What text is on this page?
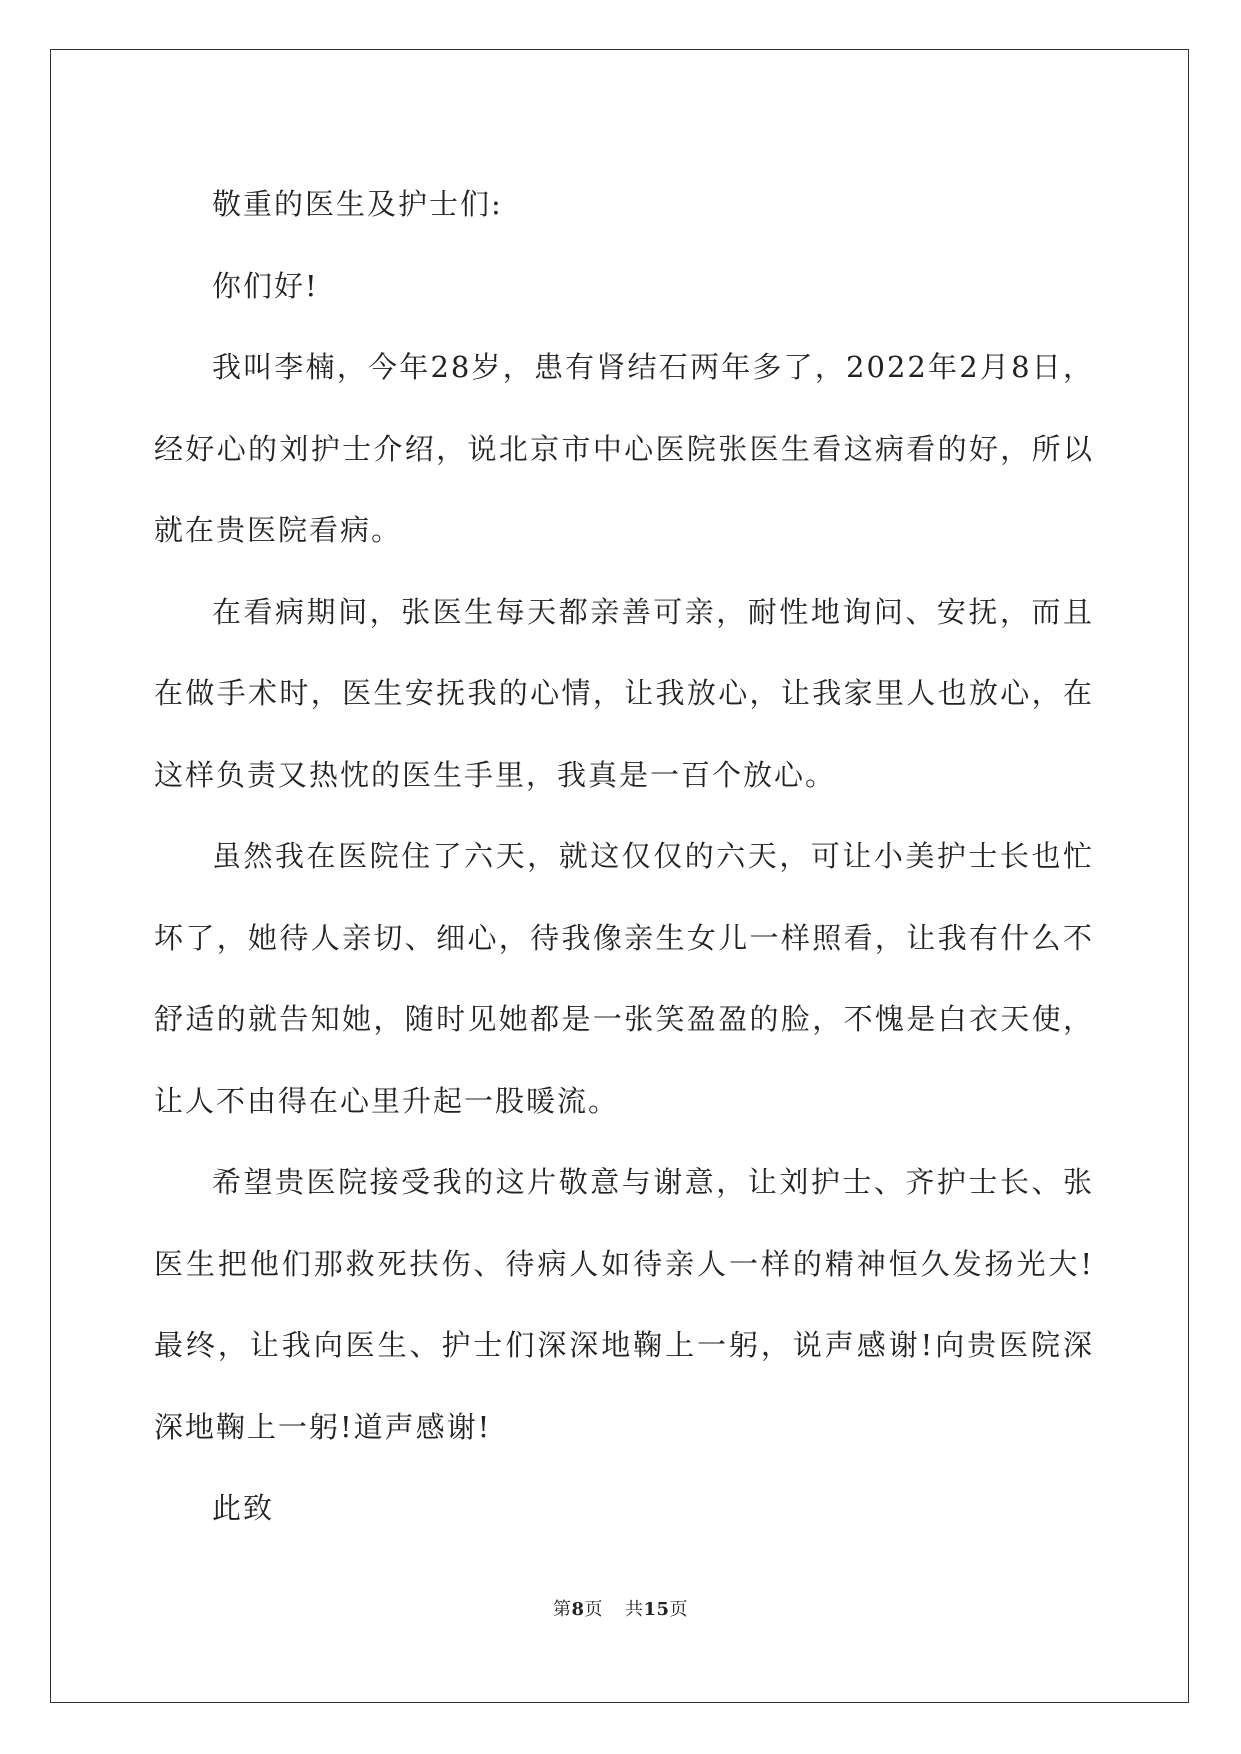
敬重的医生及护士们:

你们好!

我叫李楠，今年28岁，患有肾结石两年多了，2022年2月8日，经好心的刘护士介绍，说北京市中心医院张医生看这病看的好，所以就在贵医院看病。

在看病期间，张医生每天都亲善可亲，耐性地询问、安抚，而且在做手术时，医生安抚我的心情，让我放心，让我家里人也放心，在这样负责又热忱的医生手里，我真是一百个放心。

虽然我在医院住了六天，就这仅仅的六天，可让小美护士长也忙坏了，她待人亲切、细心，待我像亲生女儿一样照看，让我有什么不舒适的就告知她，随时见她都是一张笑盈盈的脸，不愧是白衣天使，让人不由得在心里升起一股暖流。

希望贵医院接受我的这片敬意与谢意，让刘护士、齐护士长、张医生把他们那救死扶伤、待病人如待亲人一样的精神恒久发扬光大!最终，让我向医生、护士们深深地鞠上一躬，说声感谢!向贵医院深深地鞠上一躬!道声感谢!

此致

第8页 共15页
